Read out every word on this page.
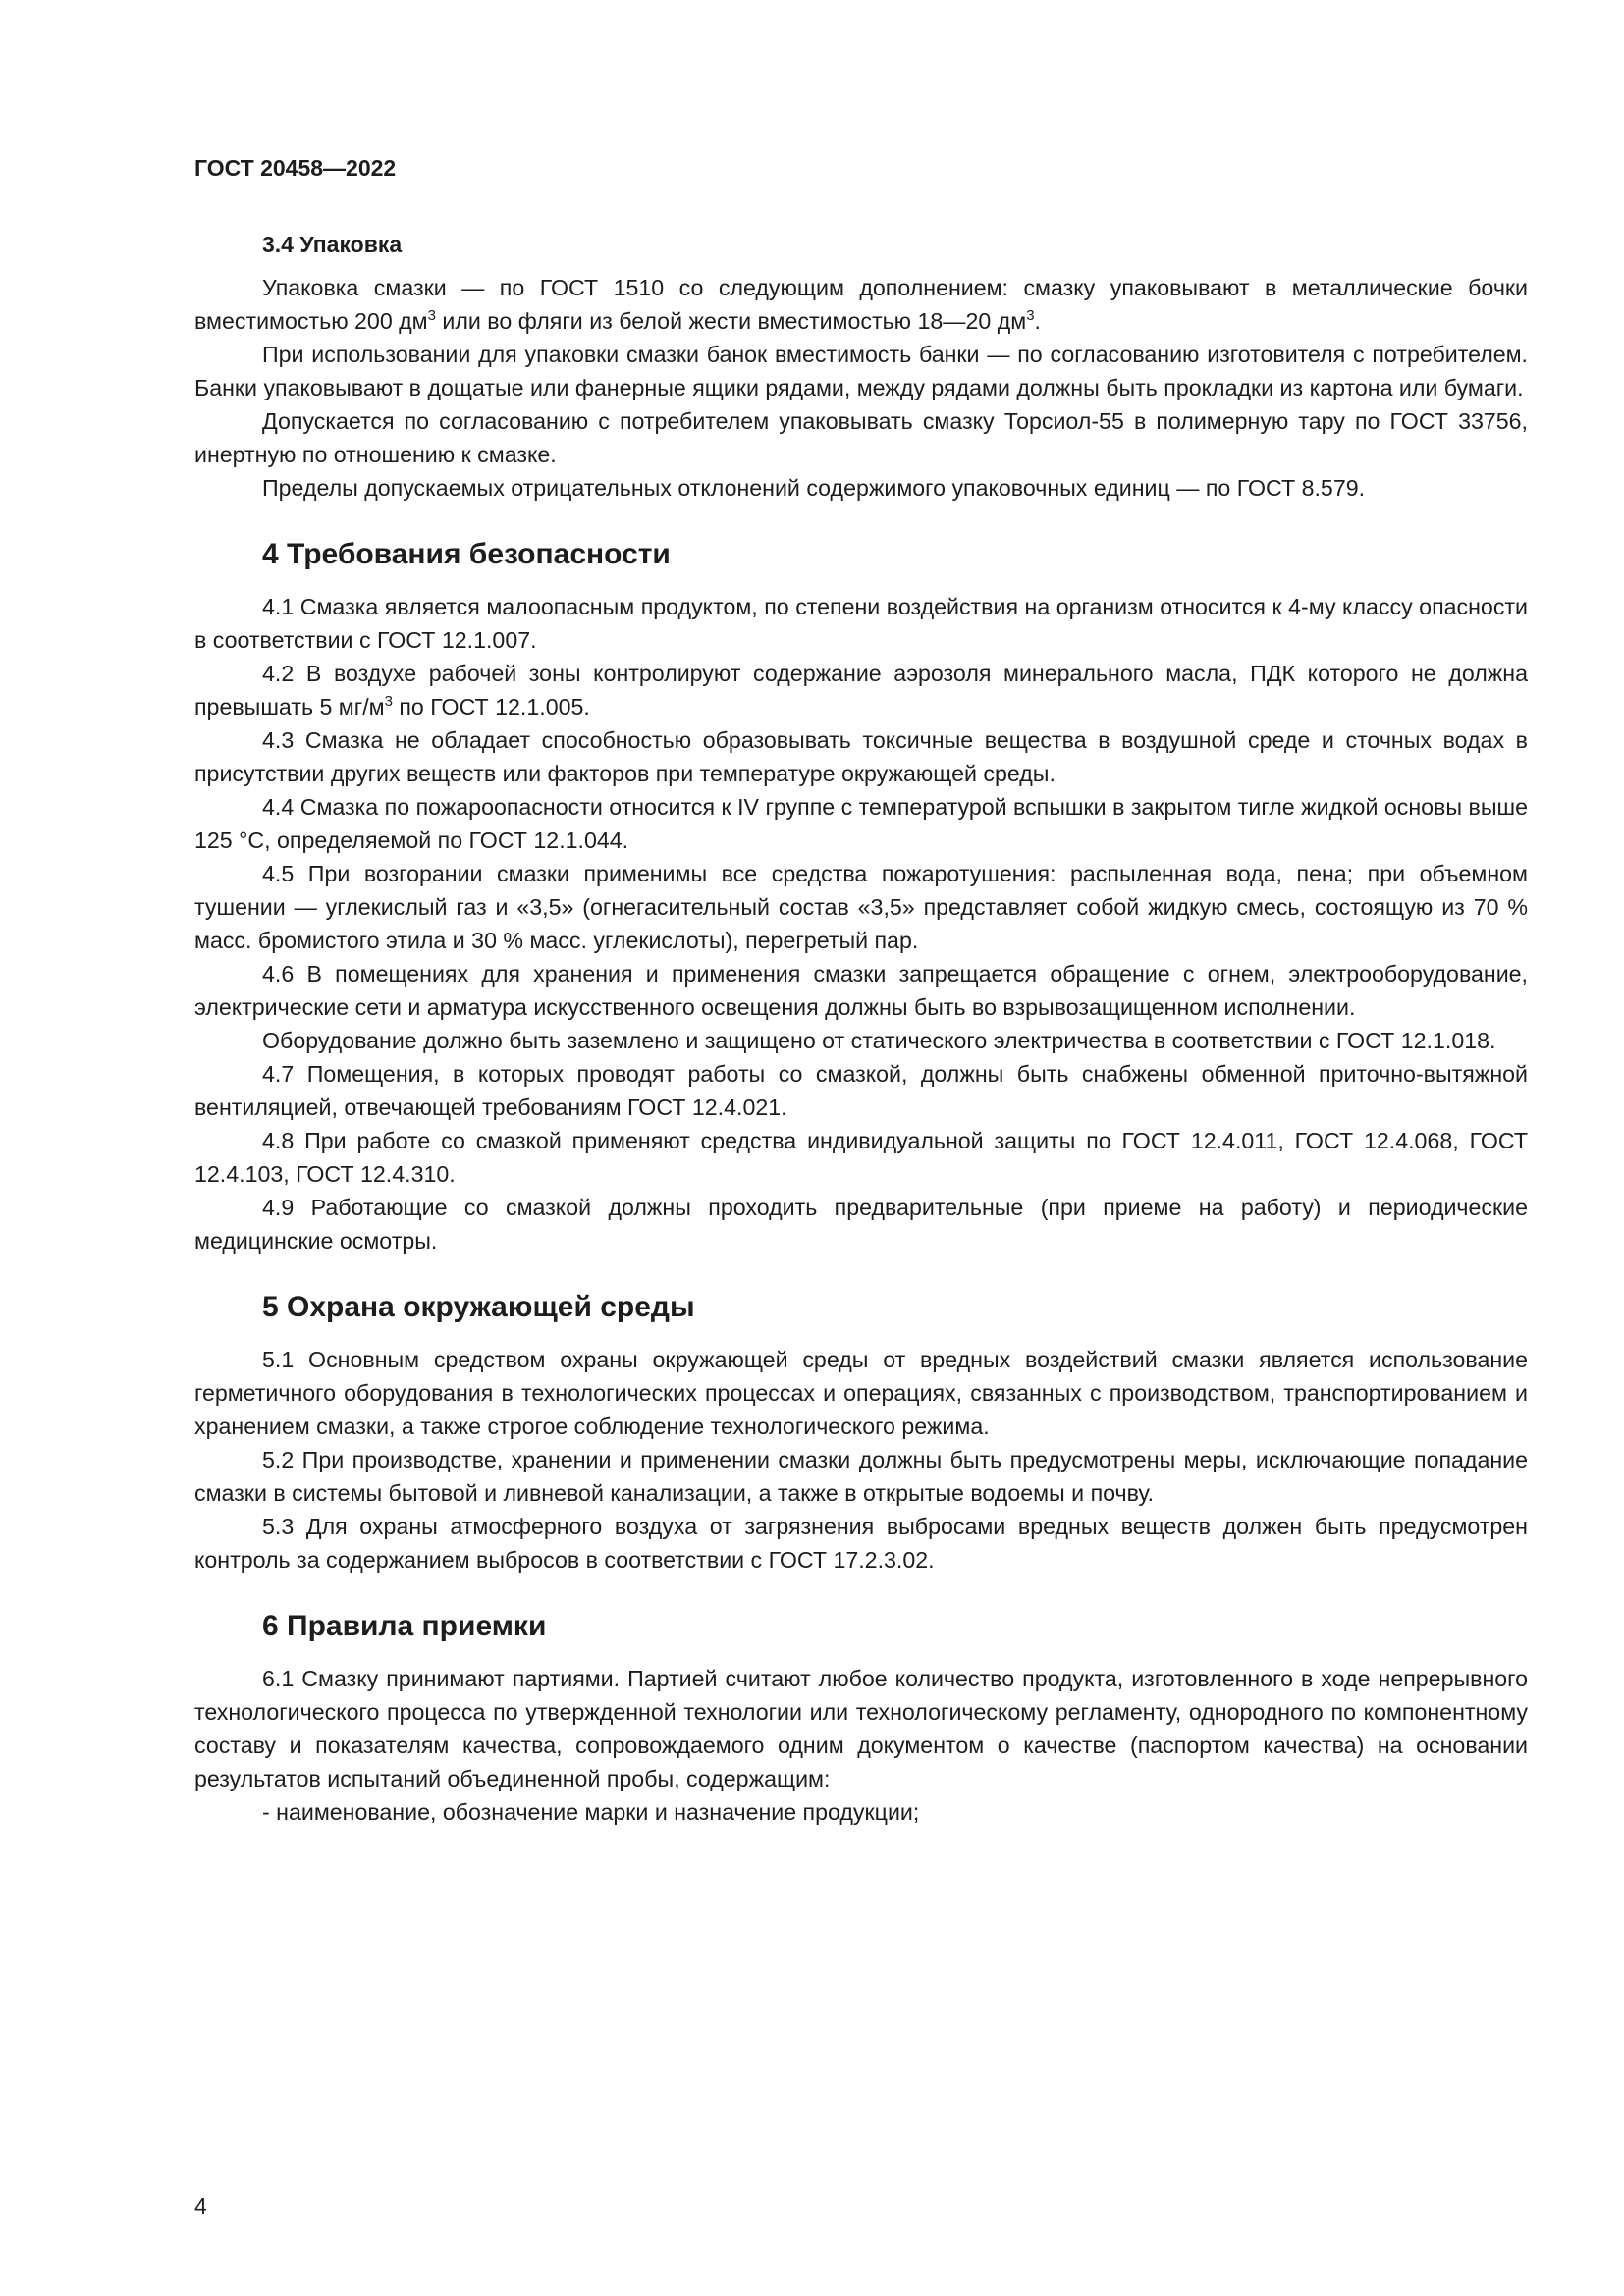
ГОСТ 20458—2022
3.4 Упаковка

Упаковка смазки — по ГОСТ 1510 со следующим дополнением: смазку упаковывают в металлические бочки вместимостью 200 $дм^3$ или во фляги из белой жести вместимостью 18—20 $дм^3$.

При использовании для упаковки смазки банок вместимость банки — по согласованию изготовителя с потребителем. Банки упаковывают в дощатые или фанерные ящики рядами, между рядами должны быть прокладки из картона или бумаги.

Допускается по согласованию с потребителем упаковывать смазку Торсиол-55 в полимерную тару по ГОСТ 33756, инертную по отношению к смазке.

Пределы допускаемых отрицательных отклонений содержимого упаковочных единиц — по ГОСТ 8.579.

4 Требования безопасности

4.1 Смазка является малоопасным продуктом, по степени воздействия на организм относится к 4-му классу опасности в соответствии с ГОСТ 12.1.007.

4.2 В воздухе рабочей зоны контролируют содержание аэрозоля минерального масла, ПДК которого не должна превышать 5 $мг/м^3$ по ГОСТ 12.1.005.

4.3 Смазка не обладает способностью образовывать токсичные вещества в воздушной среде и сточных водах в присутствии других веществ или факторов при температуре окружающей среды.

4.4 Смазка по пожароопасности относится к IV группе с температурой вспышки в закрытом тигле жидкой основы выше 125 °С, определяемой по ГОСТ 12.1.044.

4.5 При возгорании смазки применимы все средства пожаротушения: распыленная вода, пена; при объемном тушении — углекислый газ и «3,5» (огнегасительный состав «3,5» представляет собой жидкую смесь, состоящую из 70 % масс. бромистого этила и 30 % масс. углекислоты), перегретый пар.

4.6 В помещениях для хранения и применения смазки запрещается обращение с огнем, электрооборудование, электрические сети и арматура искусственного освещения должны быть во взрывозащищенном исполнении.

Оборудование должно быть заземлено и защищено от статического электричества в соответствии с ГОСТ 12.1.018.

4.7 Помещения, в которых проводят работы со смазкой, должны быть снабжены обменной приточно-вытяжной вентиляцией, отвечающей требованиям ГОСТ 12.4.021.

4.8 При работе со смазкой применяют средства индивидуальной защиты по ГОСТ 12.4.011, ГОСТ 12.4.068, ГОСТ 12.4.103, ГОСТ 12.4.310.

4.9 Работающие со смазкой должны проходить предварительные (при приеме на работу) и периодические медицинские осмотры.

5 Охрана окружающей среды

5.1 Основным средством охраны окружающей среды от вредных воздействий смазки является использование герметичного оборудования в технологических процессах и операциях, связанных с производством, транспортированием и хранением смазки, а также строгое соблюдение технологического режима.

5.2 При производстве, хранении и применении смазки должны быть предусмотрены меры, исключающие попадание смазки в системы бытовой и ливневой канализации, а также в открытые водоемы и почву.

5.3 Для охраны атмосферного воздуха от загрязнения выбросами вредных веществ должен быть предусмотрен контроль за содержанием выбросов в соответствии с ГОСТ 17.2.3.02.

6 Правила приемки

6.1 Смазку принимают партиями. Партией считают любое количество продукта, изготовленного в ходе непрерывного технологического процесса по утвержденной технологии или технологическому регламенту, однородного по компонентному составу и показателям качества, сопровождаемого одним документом о качестве (паспортом качества) на основании результатов испытаний объединенной пробы, содержащим:

- наименование, обозначение марки и назначение продукции;

4
